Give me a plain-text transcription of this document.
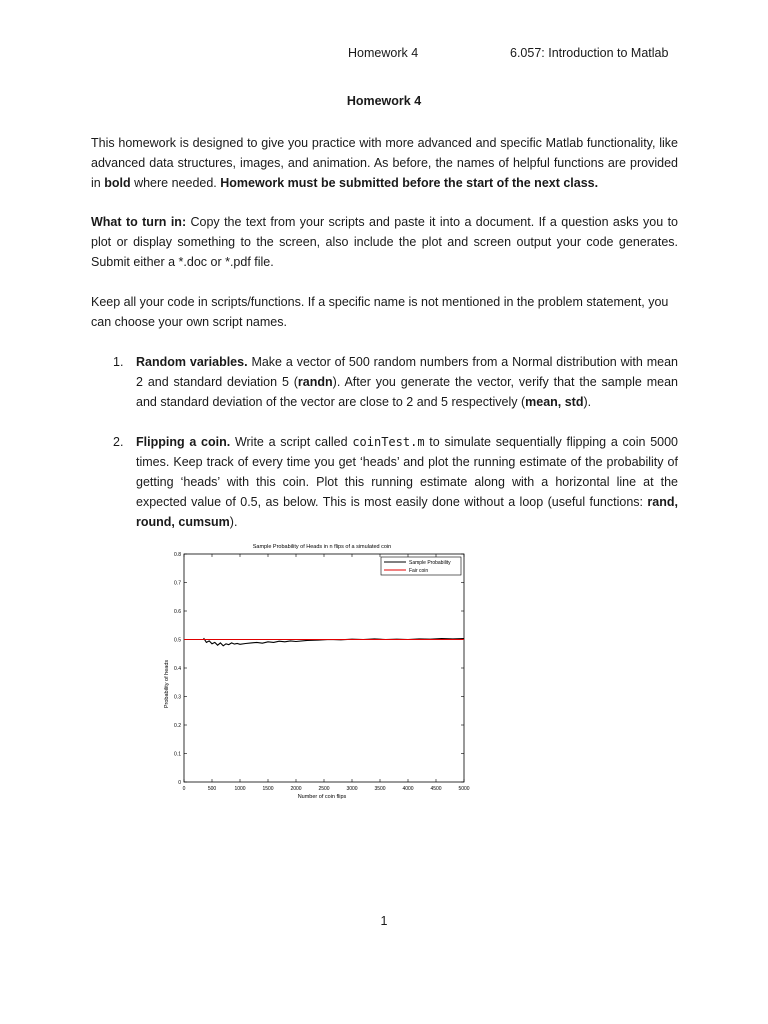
Homework 4	6.057: Introduction to Matlab
Homework 4
This homework is designed to give you practice with more advanced and specific Matlab functionality, like advanced data structures, images, and animation. As before, the names of helpful functions are provided in bold where needed. Homework must be submitted before the start of the next class.
What to turn in: Copy the text from your scripts and paste it into a document. If a question asks you to plot or display something to the screen, also include the plot and screen output your code generates. Submit either a *.doc or *.pdf file.
Keep all your code in scripts/functions. If a specific name is not mentioned in the problem statement, you can choose your own script names.
1. Random variables. Make a vector of 500 random numbers from a Normal distribution with mean 2 and standard deviation 5 (randn). After you generate the vector, verify that the sample mean and standard deviation of the vector are close to 2 and 5 respectively (mean, std).
2. Flipping a coin. Write a script called coinTest.m to simulate sequentially flipping a coin 5000 times. Keep track of every time you get ‘heads’ and plot the running estimate of the probability of getting ‘heads’ with this coin. Plot this running estimate along with a horizontal line at the expected value of 0.5, as below. This is most easily done without a loop (useful functions: rand, round, cumsum).
Sample Probability of Heads in n flips of a simulated coin
Number of coin flips
Probability of heads
0	500	1000	1500	2000	2500	3000	3500	4000	4500	5000
0
0.1
0.2
0.3
0.4
0.5
0.6
0.7
0.8
Sample Probability
Fair coin
1
